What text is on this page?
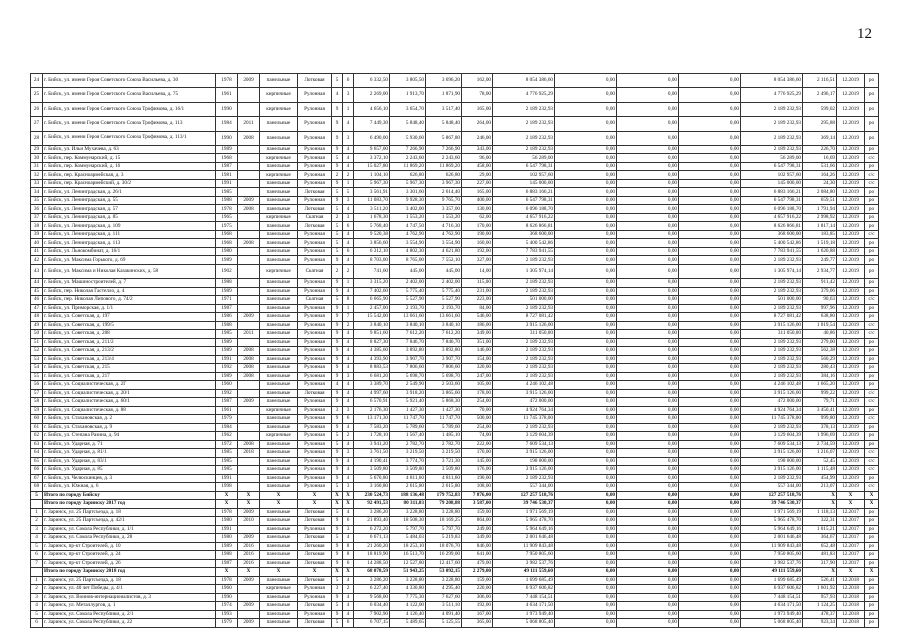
12
24	г. Бийск, ул. имени Героя Советского Союза Васильева, д. 30	1978	2009	панельные	Лотковая	5	6	6 332,50	3 805,50	3 696,20	162,00	8 054 386,60	0,00	0,00	0,00	8 054 386,60	2 116,51	12.2019	ро
25	г. Бийск, ул. имени Героя Советского Союза Васильева, д. 75	1961		кирпичные	Рулонная	4	3	2 269,00	1 913,70	1 871,90	78,00	4 776 925,29	0,00	0,00	0,00	4 776 925,29	2 496,17	12.2019	ро
26	г. Бийск, ул. имени Героя Советского Союза Трофимова, д. 16/1	1990		кирпичные	Рулонная	9	1	4 656,10	3 654,70	3 517,40	165,00	2 189 232,93	0,00	0,00	0,00	2 189 232,93	599,02	12.2019	ро
27	г. Бийск, ул. имени Героя Советского Союза Трофимова, д. 113	1984	2011	панельные	Рулонная	9	4	7 449,30	5 848,40	5 848,40	264,00	2 189 232,93	0,00	0,00	0,00	2 189 232,93	295,88	12.2019	ро
28	г. Бийск, ул. имени Героя Советского Союза Трофимова, д. 113/1	1990	2008	панельные	Рулонная	9	3	6 490,00	5 930,60	5 867,80	246,00	2 189 232,93	0,00	0,00	0,00	2 189 232,93	369,14	12.2019	ро
29	г. Бийск, ул. Ильи Мухачева, д. 63	1989		панельные	Рулонная	9	4	9 657,00	7 266,90	7 266,90	343,00	2 189 232,93	0,00	0,00	0,00	2 189 232,93	226,70	12.2019	ро
30	г. Бийск, пер. Коммунарский, д. 15	1968		кирпичные	Рулонная	5	4	3 372,10	2 243,60	2 243,60	96,00	56 289,00	0,00	0,00	0,00	56 289,00	16,69	12.2019	с/с
31	г. Бийск, пер. Коммунарский, д. 16	1987		панельные	Рулонная	9	4	15 027,80	11 869,20	11 869,20	458,00	6 547 798,31	0,00	0,00	0,00	6 547 798,31	531,66	12.2019	ро
32	г. Бийск, пер. Красноармейская, д. 3	1981		кирпичные	Рулонная	2	2	1 104,10	626,80	626,80	29,00	102 957,60	0,00	0,00	0,00	102 957,60	164,26	12.2019	с/с
33	г. Бийск, пер. Красноармейский, д. 30/2	1991		панельные	Рулонная	9	1	5 967,30	5 967,30	3 967,30	227,00	145 000,00	0,00	0,00	0,00	145 000,00	24,30	12.2019	с/с
34	г. Бийск, ул. Ленинградская, д. 26/1	1985		панельные	Лотковая	5	5	3 561,91	3 301,60	2 614,40	165,00	6 883 166,21	0,00	0,00	0,00	6 883 166,21	2 084,80	12.2019	ро
35	г. Бийск, ул. Ленинградская, д. 55	1988	2009	панельные	Рулонная	9	3	11 083,70	9 928,30	9 765,70	400,00	6 547 798,31	0,00	0,00	0,00	6 547 798,31	659,51	12.2019	ро
36	г. Бийск, ул. Ленинградская, д. 57	1978	2008	панельные	Лотковая	5	4	3 511,20	3 402,00	3 357,00	130,00	6 096 188,70	0,00	0,00	0,00	6 096 188,70	1 791,94	12.2019	ро
37	г. Бийск, ул. Ленинградская, д. 85	1965		кирпичные	Скатная	2	3	1 678,30	1 553,20	1 553,20	62,00	4 657 916,22	0,00	0,00	0,00	4 657 916,22	2 998,92	12.2019	ро
38	г. Бийск, ул. Ленинградская, д. 109	1975		панельные	Лотковая	5	6	5 768,40	4 747,50	4 716,30	170,00	8 626 866,81	0,00	0,00	0,00	8 626 866,81	1 817,14	12.2019	ро
39	г. Бийск, ул. Ленинградская, д. 111	1968		панельные	Рулонная	5	4	9 520,38	4 762,90	4 762,90	190,00	368 600,00	0,00	0,00	0,00	368 600,00	183,85	12.2019	с/с
40	г. Бийск, ул. Ленинградская, д. 113	1968	2008	панельные	Рулонная	5	4	3 856,60	3 554,90	3 554,90	160,00	5 400 542,86	0,00	0,00	0,00	5 400 542,86	1 519,18	12.2019	ро
41	г. Бийск, ул. Льнокомбинат, д. 16/1	1980		панельные	Рулонная	5	6	6 312,10	4 802,30	4 621,80	192,00	7 783 941,55	0,00	0,00	0,00	7 783 941,55	1 620,88	12.2019	ро
42	г. Бийск, ул. Максима Горького, д. 69	1989		панельные	Рулонная	9	4	8 703,00	8 765,00	7 552,10	327,00	2 189 232,93	0,00	0,00	0,00	2 189 232,93	249,77	12.2019	ро
43	г. Бийск, ул. Максима и Николая Казакинских, д. 58	1902		кирпичные	Скатная	2	2	741,60	445,00	445,00	14,00	1 305 974,14	0,00	0,00	0,00	1 305 974,14	2 934,77	12.2019	ро
44	г. Бийск, ул. Машиностроителей, д. 7	1988		панельные	Рулонная	9	1	3 315,20	2 402,00	2 402,00	115,00	2 189 232,93	0,00	0,00	0,00	2 189 232,93	911,42	12.2019	ро
45	г. Бийск, пер. Николая Гастелло, д. 4	1989		панельные	Рулонная	9	4	7 402,60	5 775,40	5 775,40	231,00	2 189 232,93	0,00	0,00	0,00	2 189 232,93	379,06	12.2019	ро
46	г. Бийск, пер. Николая Липового, д. 74/2	1971		панельные	Скатная	5	8	6 665,90	5 527,90	5 527,90	223,00	501 000,00	0,00	0,00	0,00	501 000,00	90,63	12.2019	с/с
47	г. Бийск, ул. Приморская, д. 1/1	1987		панельные	Рулонная	9	1	2 457,00	2 193,70	2 193,70	84,00	2 189 232,93	0,00	0,00	0,00	2 189 232,93	997,96	12.2019	ро
48	г. Бийск, ул. Советская, д. 197	1986	2009	панельные	Рулонная	9	7	15 542,00	13 661,60	13 661,60	546,00	8 727 081,42	0,00	0,00	0,00	8 727 081,42	638,80	12.2019	ро
49	г. Бийск, ул. Советская, д. 199/5	1988		панельные	Рулонная	9	2	3 840,10	3 840,10	3 840,10	186,00	3 915 126,00	0,00	0,00	0,00	3 915 126,00	1 019,54	12.2019	с/с
50	г. Бийск, ул. Советская, д. 208	1985	2011	панельные	Рулонная	9	4	9 851,60	7 612,20	7 612,20	349,00	311 050,00	0,00	0,00	0,00	311 050,00	40,86	12.2019	с/с
51	г. Бийск, ул. Советская, д. 211/2	1989		панельные	Рулонная	9	4	8 827,30	7 846,70	7 846,70	351,00	2 189 232,93	0,00	0,00	0,00	2 189 232,93	279,00	12.2019	ро
52	г. Бийск, ул. Советская, д. 213/2	1989	2008	панельные	Рулонная	9	4	4 385,60	3 892,80	3 892,80	146,00	2 189 232,93	0,00	0,00	0,00	2 189 232,93	562,38	12.2019	ро
53	г. Бийск, ул. Советская, д. 213/4	1991	2008	панельные	Рулонная	9	4	4 393,90	3 907,70	3 907,70	154,00	2 189 232,93	0,00	0,00	0,00	2 189 232,93	560,29	12.2019	ро
54	г. Бийск, ул. Советская, д. 215	1992	2008	панельные	Рулонная	9	4	8 883,53	7 806,60	7 806,60	320,00	2 189 232,93	0,00	0,00	0,00	2 189 232,93	280,43	12.2019	ро
55	г. Бийск, ул. Советская, д. 217	1989	2008	панельные	Рулонная	9	3	6 681,20	5 698,70	5 698,70	247,00	2 189 232,93	0,00	0,00	0,00	2 189 232,93	384,16	12.2019	ро
56	г. Бийск, ул. Социалистическая, д. 2Г	1960		панельные	Рулонная	4	4	3 389,70	2 549,90	2 503,60	105,00	4 246 102,48	0,00	0,00	0,00	4 246 102,48	1 665,20	12.2019	ро
57	г. Бийск, ул. Социалистическая, д. 20/1	1992		панельные	Лотковая	9	4	4 997,60	3 918,20	3 865,60	178,00	3 915 126,00	0,00	0,00	0,00	3 915 126,00	999,22	12.2019	с/с
58	г. Бийск, ул. Социалистическая, д. 60/1	1987	2009	панельные	Рулонная	9	4	6 570,91	5 921,40	5 868,30	254,00	472 000,00	0,00	0,00	0,00	472 000,00	79,71	12.2019	с/с
59	г. Бийск, ул. Социалистическая, д. 88	1961		кирпичные	Рулонная	3	3	2 176,30	1 427,30	1 427,30	70,00	4 924 764,34	0,00	0,00	0,00	4 924 764,34	3 450,41	12.2019	ро
60	г. Бийск, ул. Стахановская, д. 2	1979		панельные	Рулонная	9	6	13 171,30	11 747,70	11 747,70	500,00	11 745 378,00	0,00	0,00	0,00	11 745 378,00	999,80	12.2019	с/с
61	г. Бийск, ул. Стахановская, д. 9	1984		панельные	Рулонная	9	4	7 583,20	5 789,60	5 789,60	254,00	2 189 232,93	0,00	0,00	0,00	2 189 232,93	378,13	12.2019	ро
62	г. Бийск, ул. Степана Разина, д. 94	1962		кирпичные	Рулонная	5	2	1 728,10	1 567,40	1 485,10	74,00	3 129 604,39	0,00	0,00	0,00	3 129 604,39	1 996,69	12.2019	ро
63	г. Бийск, ул. Ударная, д. 71	1972	2008	панельные	Рулонная	5	4	3 941,20	2 782,70	2 782,70	222,00	7 609 534,13	0,00	0,00	0,00	7 609 534,13	2 734,59	12.2019	ро
64	г. Бийск, ул. Ударная, д. 81/1	1985	2018	панельные	Рулонная	9	3	3 761,50	3 219,50	3 219,50	170,00	3 915 126,00	0,00	0,00	0,00	3 915 126,00	1 216,07	12.2019	с/с
65	г. Бийск, ул. Ударная, д. 83/1	1985		панельные	Рулонная	9	4	4 190,41	3 774,70	3 721,30	145,00	198 000,00	0,00	0,00	0,00	198 000,00	52,45	12.2019	с/с
66	г. Бийск, ул. Ударная, д. 85	1985		панельные	Рулонная	9	4	3 509,80	3 509,80	3 509,80	176,00	3 915 126,00	0,00	0,00	0,00	3 915 126,00	1 115,48	12.2019	с/с
67	г. Бийск, ул. Челюскинцев, д. 3	1991		панельные	Рулонная	9	4	5 670,80	4 811,60	4 811,60	190,00	2 189 232,93	0,00	0,00	0,00	2 189 232,93	454,99	12.2019	ро
68	г. Бийск, ул. Южная, д. 6	1998		панельные	Рулонная	5	3	3 160,80	2 615,80	2 615,80	108,00	557 344,00	0,00	0,00	0,00	557 344,00	213,07	12.2019	с/с
5	Итого по городу Бийску	X	X	X	X	X	X	230 524,73	188 136,48	179 752,83	7 876,00	127 257 518,76	0,00	0,00	0,00	127 257 518,76	X	X	X
	Итого по городу Заринску 2017 год	X	X	X	X	X	X	92 491,53	80 311,03	79 208,88	3 587,00	39 746 530,37	0,00	0,00	0,00	39 746 530,37	X	X	X
1	г. Заринск, ул. 25 Партсъезда, д. 18	1978	2009	панельные	Лотковая	5	4	3 286,20	3 228,80	3 228,80	159,00	1 971 569,19	0,00	0,00	0,00	1 971 569,19	1 118,13	12.2017	ро
2	г. Заринск, ул. 25 Партсъезда, д. 42/1	1980	2010	панельные	Лотковая	9	6	21 893,40	18 508,30	18 169,25	864,00	5 965 478,70	0,00	0,00	0,00	5 965 478,70	322,31	12.2017	ро
3	г. Заринск, ул. Сокола Республики, д. 1/1	1991		панельные	Рулонная	9	3	6 272,20	5 797,70	5 797,70	249,00	5 964 649,16	0,00	0,00	0,00	5 964 649,16	1 015,21	12.2017	ро
4	г. Заринск, ул. Сокола Республики, д. 28	1980	2009	панельные	Лотковая	5	4	6 671,13	5 484,03	5 219,83	349,00	2 001 646,48	0,00	0,00	0,00	2 001 646,48	364,67	12.2017	ро
5	г. Заринск, пр-кт Строителей, д. 10	1989	2016	панельные	Лотковая	9	8	21 260,20	18 253,10	18 076,70	846,00	11 909 843,48	0,00	0,00	0,00	11 909 843,48	652,48	12.2017	ро
6	г. Заринск, пр-кт Строителей, д. 24	1988	2016	панельные	Лотковая	9	8	18 819,90	16 513,70	16 299,00	641,00	7 950 805,60	0,00	0,00	0,00	7 950 805,60	481,83	12.2017	ро
7	г. Заринск, пр-кт Строителей, д. 26	1987	2016	панельные	Лотковая	9	6	14 288,50	12 527,80	12 417,60	479,00	3 982 537,76	0,00	0,00	0,00	3 982 537,76	317,90	12.2017	ро
	Итого по городу Заринску 2018 год	X	X	X	X	X	X	68 078,59	51 943,25	53 092,15	2 279,00	49 111 559,60	0,00	0,00	0,00	49 111 559,60	X	X	X
1	г. Заринск, ул. 25 Партсъезда, д. 18	1978	2009	панельные	Лотковая	5	4	3 286,20	3 228,80	3 228,80	159,00	1 699 685,49	0,00	0,00	0,00	1 699 685,49	526,41	12.2018	ро
2	г. Заринск, ул. 40 лет Победы, д. 4/1	1960		кирпичные	Рулонная	3	2	6 227,40	4 330,80	4 295,40	220,00	6 937 606,82	0,00	0,00	0,00	6 937 606,82	1 601,92	12.2018	ро
3	г. Заринск, ул. Воинов-интернационалистов, д. 3	1990		панельные	Рулонная	9	4	9 568,00	7 775,30	7 627,60	306,00	7 448 154,51	0,00	0,00	0,00	7 448 154,51	957,93	12.2018	ро
4	г. Заринск, ул. Металлургов, д. 1	1974	2009	панельные	Лотковая	5	4	6 034,40	4 122,00	3 511,10	192,00	4 634 171,50	0,00	0,00	0,00	4 634 171,50	1 124,25	12.2018	ро
5	г. Заринск, ул. Сокола Республики, д. 2/1	1993		панельные	Рулонная	9	4	7 902,90	4 126,40	4 091,40	167,00	1 973 949,40	0,00	0,00	0,00	1 973 949,40	478,37	12.2018	ро
6	г. Заринск, ул. Сокола Республики, д. 22	1979	2009	панельные	Лотковая	5	6	6 707,15	5 489,65	5 125,55	365,00	5 068 805,40	0,00	0,00	0,00	5 068 805,40	923,34	12.2018	ро
